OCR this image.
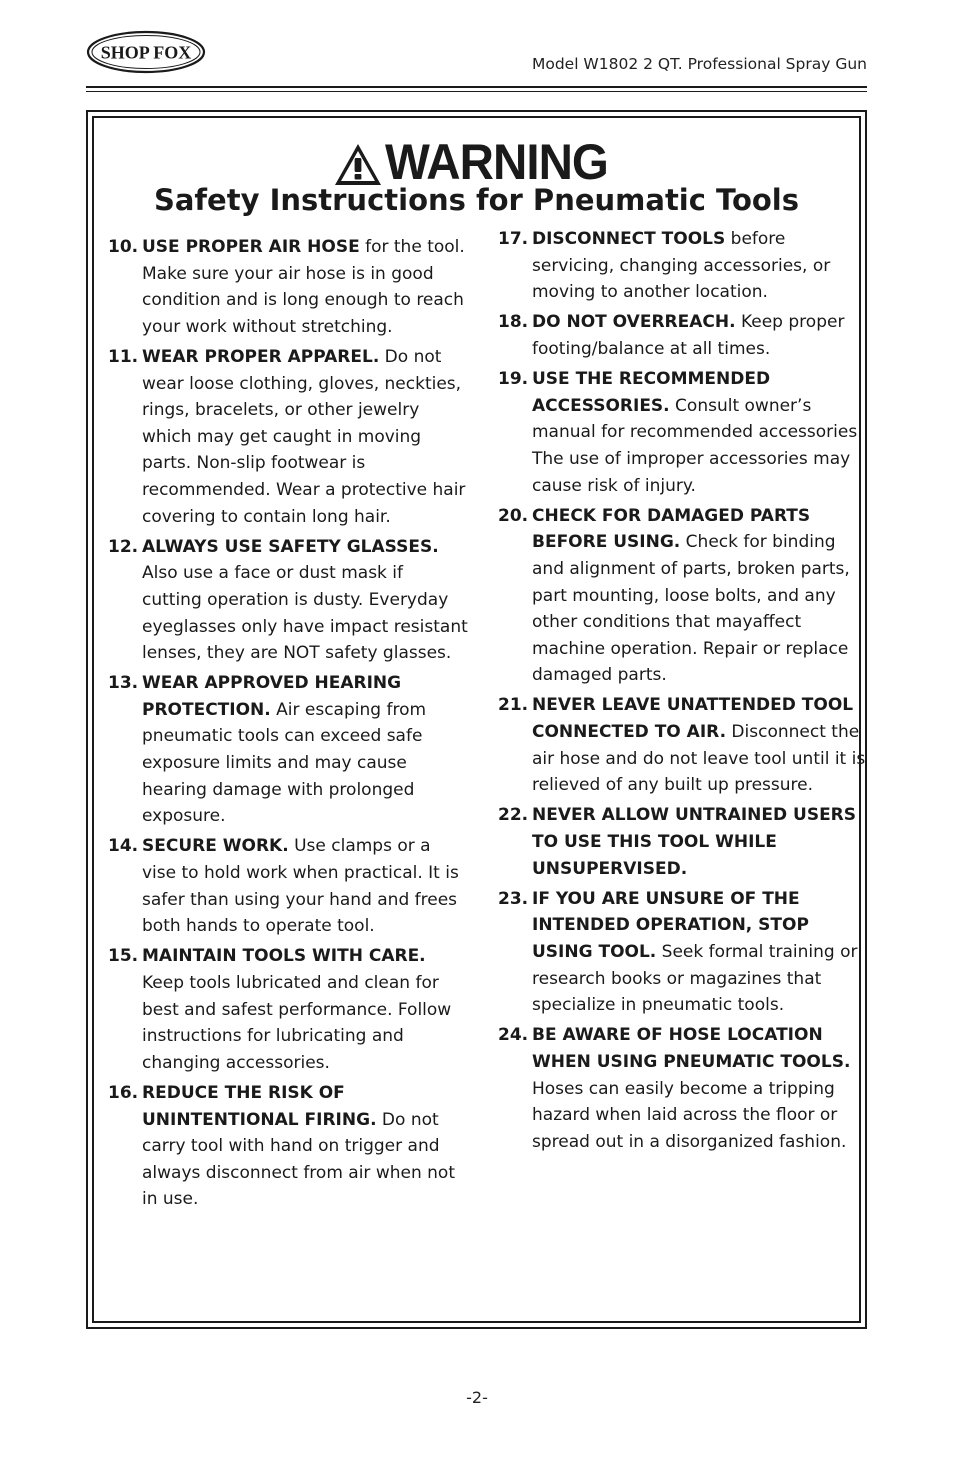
SHOP FOX
Model W1802 2 QT. Professional Spray Gun
WARNING
Safety Instructions for Pneumatic Tools
10. USE PROPER AIR HOSE for the tool. Make sure your air hose is in good condition and is long enough to reach your work without stretching.
11. WEAR PROPER APPAREL. Do not wear loose clothing, gloves, neckties, rings, bracelets, or other jewelry which may get caught in moving parts. Non-slip footwear is recommended. Wear a protective hair covering to contain long hair.
12. ALWAYS USE SAFETY GLASSES. Also use a face or dust mask if cutting operation is dusty. Everyday eyeglasses only have impact resistant lenses, they are NOT safety glasses.
13. WEAR APPROVED HEARING PROTECTION. Air escaping from pneumatic tools can exceed safe exposure limits and may cause hearing damage with prolonged exposure.
14. SECURE WORK. Use clamps or a vise to hold work when practical. It is safer than using your hand and frees both hands to operate tool.
15. MAINTAIN TOOLS WITH CARE. Keep tools lubricated and clean for best and safest performance. Follow instructions for lubricating and changing accessories.
16. REDUCE THE RISK OF UNINTENTIONAL FIRING. Do not carry tool with hand on trigger and always disconnect from air when not in use.
17. DISCONNECT TOOLS before servicing, changing accessories, or moving to another location.
18. DO NOT OVERREACH. Keep proper footing/balance at all times.
19. USE THE RECOMMENDED ACCESSORIES. Consult owner’s manual for recommended accessories. The use of improper accessories may cause risk of injury.
20. CHECK FOR DAMAGED PARTS BEFORE USING. Check for binding and alignment of parts, broken parts, part mounting, loose bolts, and any other conditions that mayaffect machine operation. Repair or replace damaged parts.
21. NEVER LEAVE UNATTENDED TOOL CONNECTED TO AIR. Disconnect the air hose and do not leave tool until it is relieved of any built up pressure.
22. NEVER ALLOW UNTRAINED USERS TO USE THIS TOOL WHILE UNSUPERVISED.
23. IF YOU ARE UNSURE OF THE INTENDED OPERATION, STOP USING TOOL. Seek formal training or research books or magazines that specialize in pneumatic tools.
24. BE AWARE OF HOSE LOCATION WHEN USING PNEUMATIC TOOLS. Hoses can easily become a tripping hazard when laid across the floor or spread out in a disorganized fashion.
-2-
